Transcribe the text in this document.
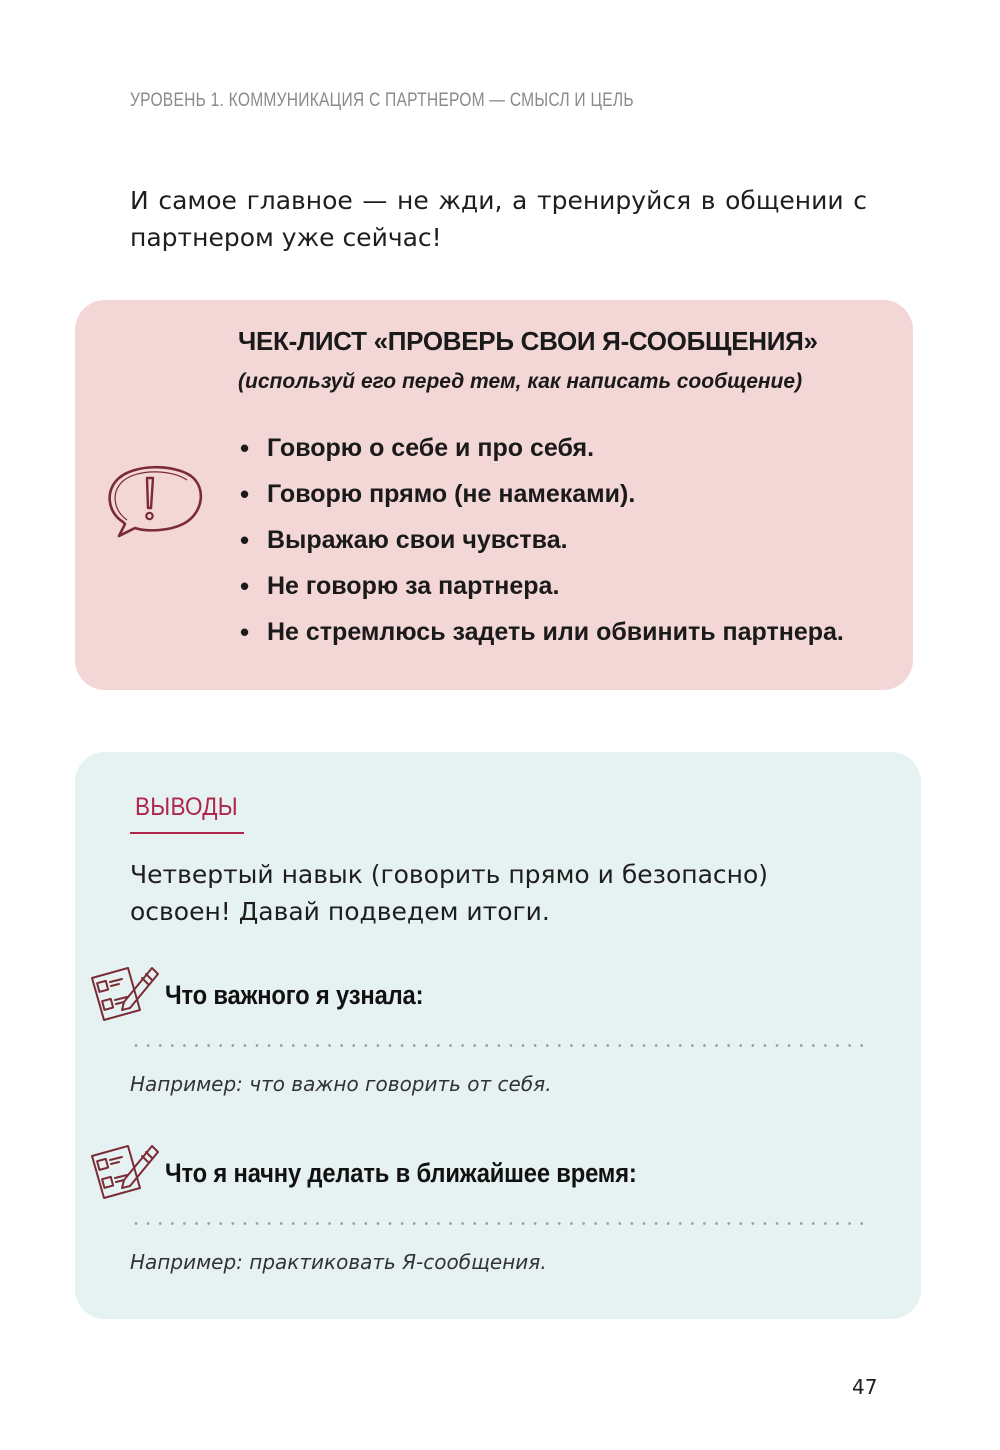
УРОВЕНЬ 1. КОММУНИКАЦИЯ С ПАРТНЕРОМ — СМЫСЛ И ЦЕЛЬ
И самое главное — не жди, а тренируйся в общении с партнером уже сейчас!
ЧЕК-ЛИСТ «ПРОВЕРЬ СВОИ Я-СООБЩЕНИЯ»
(используй его перед тем, как написать сообщение)
• Говорю о себе и про себя.
• Говорю прямо (не намеками).
• Выражаю свои чувства.
• Не говорю за партнера.
• Не стремлюсь задеть или обвинить партнера.
ВЫВОДЫ
Четвертый навык (говорить прямо и безопасно) освоен! Давай подведем итоги.
Что важного я узнала:
Например: что важно говорить от себя.
Что я начну делать в ближайшее время:
Например: практиковать Я-сообщения.
47
